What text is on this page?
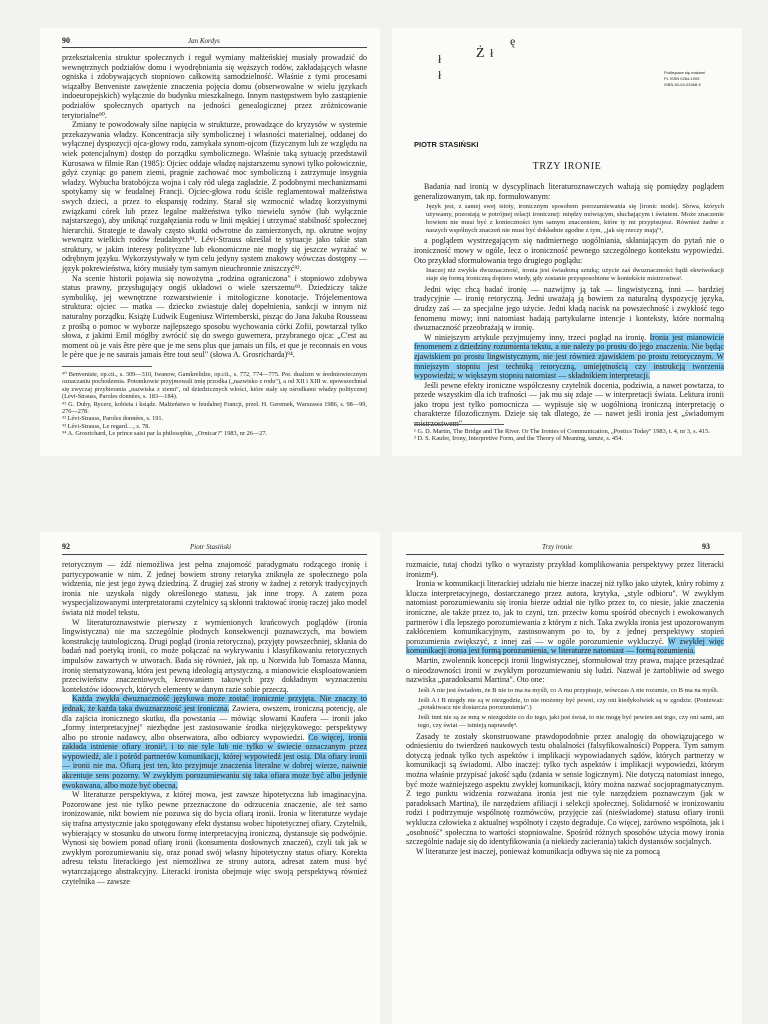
90	Jan Kordys

przekształcenia struktur społecznych i reguł wymiany małżeńskiej musiały prowadzić do wewnętrznych podziałów domu i wyodrębniania się węższych rodów, zakładających własne ogniska i zdobywających stopniowo całkowitą samodzielność. Właśnie z tymi procesami wiązałby Benveniste zawężenie znaczenia pojęcia domu (obserwowalne w wielu językach indoeuropejskich) wyłącznie do budynku mieszkalnego. Innym następstwem było zastąpienie podziałów społecznych opartych na jedności genealogicznej przez zróżnicowanie terytorialne⁹⁰.

Zmiany te powodowały silne napięcia w strukturze, prowadzące do kryzysów w systemie przekazywania władzy. Koncentracja siły symbolicznej i własności materialnej, oddanej do wyłącznej dyspozycji ojca-głowy rodu, zamykała synom-ojcom (fizycznym lub ze względu na wiek potencjalnym) dostęp do porządku symbolicznego. Właśnie taką sytuację przedstawił Kurosawa w filmie Ran (1985): Ojciec oddaje władzę najstarszemu synowi tylko połowicznie, gdyż czyniąc go panem ziemi, pragnie zachować moc symboliczną i zatrzymuje insygnia władzy. Wybucha bratobójcza wojna i cały ród ulega zagładzie. Z podobnymi mechanizmami spotykamy się w feudalnej Francji. Ojciec-głowa rodu ściśle reglamentował małżeństwa swych dzieci, a przez to ekspansję rodziny. Starał się wzmocnić władzę korzystnymi związkami córek lub przez legalne małżeństwa tylko niewielu synów (lub wyłącznie najstarszego), aby uniknąć rozgałęziania rodu w linii męskiej i utrzymać stabilność społecznej hierarchii. Strategie te dawały często skutki odwrotne do zamierzonych, np. okrutne wojny wewnątrz wielkich rodów feudalnych⁹¹. Lévi-Strauss określał te sytuacje jako takie stan struktury, w jakim interesy polityczne lub ekonomiczne nie mogły się jeszcze wyrażać w odrębnym języku. Wykorzystywały w tym celu jedyny system znakowy wówczas dostępny — język pokrewieństwa, który musiały tym samym nieuchronnie zniszczyć⁹².

Na scenie historii pojawia się nowożytna „rodzina ograniczona" i stopniowo zdobywa status prawny, przysługujący ongiś układowi o wiele szerszemu⁹³. Dziedziczy także symbolikę, jej wewnętrzne rozwarstwienie i mitologiczne konotacje. Trójelementowa struktura: ojciec — matka — dziecko zwiastuje dalej dopełnienia, sankcji w innym niż naturalny porządku. Książę Ludwik Eugeniusz Wirtemberski, pisząc do Jana Jakuba Rousseau z prośbą o pomoc w wyborze najlepszego sposobu wychowania córki Zofii, powtarzał tylko słowa, z jakimi Emil mógłby zwrócić się do swego guwernera, przybranego ojca: „C'est au moment où je vais être père que je me sens plus que jamais un fils, et que je reconnais en vous le père que je ne saurais jamais être tout seul" (słowa A. Grosricharda)⁹⁴.

⁹⁰ Benveniste, op.cit., s. 309—310, Iwanow, Gamkrelidze, op.cit., s. 772, 774—775. Por. dualizm w średniowiecznym oznaczaniu pochodzenia. Potomkowie przyjmowali imię przodka („nazwisko z rodu"), a od XII i XIII w. upowszechniał się zwyczaj przybierania „nazwiska z ziemi", od dziedzicznych włości, które stały się ośrodkami władzy politycznej (Lévi-Strauss, Paroles données, s. 183—184).

⁹¹ G. Duby, Rycerz, kobieta i ksiądz. Małżeństwo w feudalnej Francji, przeł. H. Geremek, Warszawa 1986, s. 98—99, 276—278.

⁹² Lévi-Strauss, Paroles données, s. 191.

⁹³ Lévi-Strauss, Le regard…, s. 78.

⁹⁴ A. Grosrichard, Le prince saisi par la philosophie, „Ornicar?" 1983, nr 26—27.

ł Ż ł
ę
ł	Podlegowe się makami
PL ISSN 0284-1905
ISBN 83-04-03468-9
PIOTR STASIŃSKI
TRZY IRONIE

Badania nad ironią w dyscyplinach literaturoznawczych wahają się pomiędzy poglądem generalizowanym, tak np. formułowanym:

Język jest, z samej swej istoty, ironicznym sposobem porozumiewania się [ironic mode]. Słowa, których używamy, pozostają w potrójnej relacji ironicznej: między mówiącym, słuchającym i światem. Może znaczenie bowiem nie musi być z konieczności tym samym znaczeniem, które ty mi przypisujesz. Również żadne z naszych wspólnych znaczeń nie musi być dokładnie zgodne z tym, „jak się rzeczy mają"¹,

a poglądem wystrzegającym się nadmiernego uogólniania, skłaniającym do pytań nie o ironiczność mowy w ogóle, lecz o ironiczność pewnego szczególnego kontekstu wypowiedzi. Oto przykład sformułowania tego drugiego poglądu:

Inaczej niż zwykła dwuznaczność, ironia jest świadomą sztuką; użycie zaś dwuznaczności bądź ekwiwokacji staje się formą ironiczną dopiero wtedy, gdy zostanie przysposobione w kontekście mistrzostwa².

Jedni więc chcą badać ironię — nazwijmy ją tak — lingwistyczną, inni — bardziej tradycyjnie — ironię retoryczną. Jedni uważają ją bowiem za naturalną dyspozycję języka, drudzy zaś — za specjalne jego użycie. Jedni kładą nacisk na powszechność i zwykłość tego fenomenu mowy; inni natomiast badają partykularne intencje i konteksty, które normalną dwuznaczność przeobrażają w ironię.

W niniejszym artykule przyjmujemy inny, trzeci pogląd na ironię. Ironia jest mianowicie fenomenem z dziedziny rozumienia tekstu, a nie należy po prostu do jego znaczenia. Nie będąc zjawiskiem po prostu lingwistycznym, nie jest również zjawiskiem po prostu retorycznym. W mniejszym stopniu jest techniką retoryczną, umiejętnością czy instrukcją tworzenia wypowiedzi; w większym stopniu natomiast — składnikiem interpretacji.

Jeśli pewne efekty ironiczne współczesny czytelnik docenia, podziwia, a nawet powtarza, to przede wszystkim dla ich trafności — jak mu się zdaje — w interpretacji świata. Lektura ironii jako tropu jest tylko pomocnicza — wypisuje się w uogólnioną ironiczną interpretację o charakterze filozoficznym. Dzieje się tak dlatego, że — nawet jeśli ironia jest „świadomym

¹ G. D. Martin, The Bridge and The River. Or The Ironies of Communication, „Poetics Today" 1983, t. 4, nr 3, s. 415.

² D. S. Kaufer, Irony, Interpretive Form, and the Theory of Meaning, tamże, s. 454.

92	Piotr Stasiński

retorycznym — źdź niemożliwa jest pełna znajomość paradygmatu rodzącego ironię i partycypowanie w nim. Z jednej bowiem strony retoryka zniknęła ze społecznego pola widzenia, nie jest jego żywą dziedziną. Z drugiej zaś strony w żadnej z retoryk tradycyjnych ironia nie uzyskała nigdy określonego statusu, jak inne tropy. A zatem poza wyspecjalizowanymi interpretatorami czytelnicy są skłonni traktować ironię raczej jako model świata niż model tekstu.

W literaturoznawstwie pierwszy z wymienionych krańcowych poglądów (ironia lingwistyczna) nie ma szczególnie płodnych konsekwencji poznawczych, ma bowiem konstrukcję tautologiczną. Drugi pogląd (ironia retoryczna), przyjęty powszechniej, skłania do badań nad poetyką ironii, co może połączać na wykrywaniu i klasyfikowaniu retorycznych impulsów zawartych w utworach. Bada się również, jak np. u Norwida lub Tomasza Manna, ironię stematyzowaną, która jest pewną ideologią artystyczną, a mianowicie eksploatowaniem przeciwieństw znaczeniowych, kreowaniem takowych przy dokładnym wyznaczeniu kontekstów idoowych, których elementy w danym razie sobie przeczą.

Każda zwykła dwuznaczność językowa może zostać ironicznie przyjęta. Nie znaczy to jednak, że każda taka dwuznaczność jest ironiczna. Zawiera, owszem, ironiczną potencję, ale dla zajścia ironicznego skutku, dla powstania — mówiąc słowami Kaufera — ironii jako „formy interpretacyjnej" niezbędne jest zastosowanie środka niejęzykowego: perspektywy albo po stronie nadawcy, albo obserwatora, albo odbiorcy wypowiedzi. Co więcej, ironia zakłada istnienie ofiary ironii³, i to nie tyle lub nie tylko w świecie oznaczanym przez wypowiedź, ale i pośród partnerów komunikacji, której wypowiedź jest osią. Dla ofiary ironii — ironii nie ma. Ofiarą jest ten, kto przyjmuje znaczenia literalne w dobrej wierze, naiwnie akcentuje sens pozorny. W zwykłym porozumiewaniu się taka ofiara może być albo jedynie ewokowana, albo może być obecna.

W literaturze perspektywa, z której mowa, jest zawsze hipotetyczna lub imaginacyjna. Pozorowane jest nie tylko pewne przeznaczone do odrzucenia znaczenie, ale też samo ironizowanie, nikt bowiem nie pozuwa się do bycia ofiarą ironii. Ironia w literaturze wydaje się trafna artystycznie jako spotęgowany efekt dystansu wobec hipotetycznej ofiary. Czytelnik, wybierający w stosunku do utworu formę interpretacyjną ironiczną, dystansuje się podwójnie. Wynosi się bowiem ponad ofiarę ironii (konsumenta dosłownych znaczeń), czyli tak jak w zwykłym porozumiewaniu się, oraz ponad swój własny hipotetyczny status ofiary. Korekta adresu tekstu literackiego jest niemożliwa ze strony autora, adresat zatem musi być wytarczającego abstrakcyjny. Literacki ironista obejmuje więc swoją perspektywą również czytelnika — zawsze

Trzy ironie	93

rozmaicie, tutaj chodzi tylko o wyrazisty przykład komplikowania perspektywy przez literacki ironizm⁴).

Ironia w komunikacji literackiej udziału nie bierze inaczej niż tylko jako użytek, który robimy z klucza interpretacyjnego, dostarczanego przez autora, krytyka, „style odbioru". W zwykłym natomiast porozumiewaniu się ironia bierze udział nie tylko przez to, co niesie, jakie znaczenia ironiczne, ale także przez to, jak to czyni, tzn. przeciw komu spośród obecnych i ewokowanych partnerów i dla lepszego porozumiewania z którym z nich. Taka zwykła ironia jest upozorowanym zakłóceniem komunikacyjnym, zastosowanym po to, by z jednej perspektywy stopień porozumienia zwiększyć, z innej zaś — w ogóle porozumienie wykluczyć. W zwykłej więc komunikacji ironia jest formą porozumienia, w literaturze natomiast — formą rozumienia.

Martin, zwolennik koncepcji ironii lingwistycznej, sformułował trzy prawa, mające przesądzać o nieodzowności ironii w zwykłym porozumiewaniu się ludzi. Nazwał je żartobliwie od swego nazwiska „paradoksami Martina". Oto one:

Jeśli A nie jest świadom, że B nie to ma na myśli, co A mu przypisuje, wówczas A nie rozumie, co B ma na myśli.

Jeśli A i B niegdy nie są w niezgodzie, to nie możemy być pewni, czy oni kiedykolwiek są w zgodzie. (Ponieważ: „potakiwacz nie dostarcza porozumienia".)

Jeśli inni nie są ze mną w niezgodzie co do tego, jaki jest świat, to nie mogę być pewien ani tego, czy oni sami, ani tego, czy świat — istnieją naprawdę⁴.

Zasady te zostały skonstruowane prawdopodobnie przez analogię do obowiązującego w odniesieniu do twierdzeń naukowych testu obalalności (falsyfikowalności) Poppera. Tym samym dotyczą jednak tylko tych aspektów i implikacji wypowiadanych sądów, których partnerzy w komunikacji są świadomi. Albo inaczej: tylko tych aspektów i implikacji wypowiedzi, którym można właśnie przypisać jakość sądu (zdania w sensie logicznym). Nie dotyczą natomiast innego, być może ważniejszego aspektu zwykłej komunikacji, który można nazwać socjopragmatycznym. Z tego punktu widzenia rozważana ironia jest nie tyle narzędziem poznawczym (jak w paradoksach Martina), ile narzędziem afiliacji i selekcji społecznej. Solidarność w ironizowaniu rodzi i podtrzymuje wspólnotę rozmówców, przyjęcie zaś (nieświadome) statusu ofiary ironii wyklucza człowieka z aktualnej wspólnoty i często degraduje. Co więcej, zarówno wspólnota, jak i „osobność" społeczna to wartości stopniowalne. Spośród różnych sposobów użycia mowy ironia szczególnie nadaje się do identyfikowania (a niekiedy zacierania) takich dystansów socjalnych.

W literaturze jest inaczej, ponieważ komunikacja odbywa się nie za pomocą
